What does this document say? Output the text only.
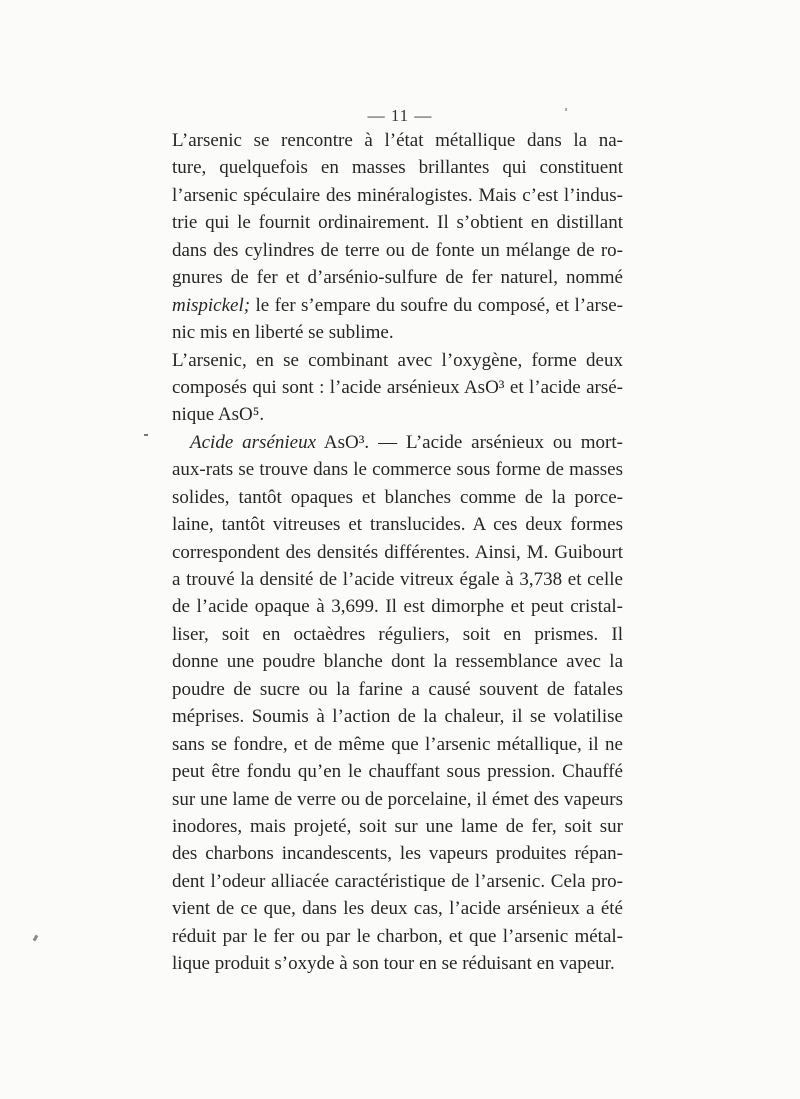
— 11 —
L’arsenic se rencontre à l’état métallique dans la na-
ture, quelquefois en masses brillantes qui constituent
l’arsenic spéculaire des minéralogistes. Mais c’est l’indus-
trie qui le fournit ordinairement. Il s’obtient en distillant
dans des cylindres de terre ou de fonte un mélange de ro-
gnures de fer et d’arsénio-sulfure de fer naturel, nommé
mispickel; le fer s’empare du soufre du composé, et l’arse-
nic mis en liberté se sublime.
L’arsenic, en se combinant avec l’oxygène, forme deux
composés qui sont : l’acide arsénieux AsO³ et l’acide arsé-
nique AsO⁵.
Acide arsénieux AsO³. — L’acide arsénieux ou mort-
aux-rats se trouve dans le commerce sous forme de masses
solides, tantôt opaques et blanches comme de la porce-
laine, tantôt vitreuses et translucides. A ces deux formes
correspondent des densités différentes. Ainsi, M. Guibourt
a trouvé la densité de l’acide vitreux égale à 3,738 et celle
de l’acide opaque à 3,699. Il est dimorphe et peut cristal-
liser, soit en octaèdres réguliers, soit en prismes. Il
donne une poudre blanche dont la ressemblance avec la
poudre de sucre ou la farine a causé souvent de fatales
méprises. Soumis à l’action de la chaleur, il se volatilise
sans se fondre, et de même que l’arsenic métallique, il ne
peut être fondu qu’en le chauffant sous pression. Chauffé
sur une lame de verre ou de porcelaine, il émet des vapeurs
inodores, mais projeté, soit sur une lame de fer, soit sur
des charbons incandescents, les vapeurs produites répan-
dent l’odeur alliacée caractéristique de l’arsenic. Cela pro-
vient de ce que, dans les deux cas, l’acide arsénieux a été
réduit par le fer ou par le charbon, et que l’arsenic métal-
lique produit s’oxyde à son tour en se réduisant en vapeur.
